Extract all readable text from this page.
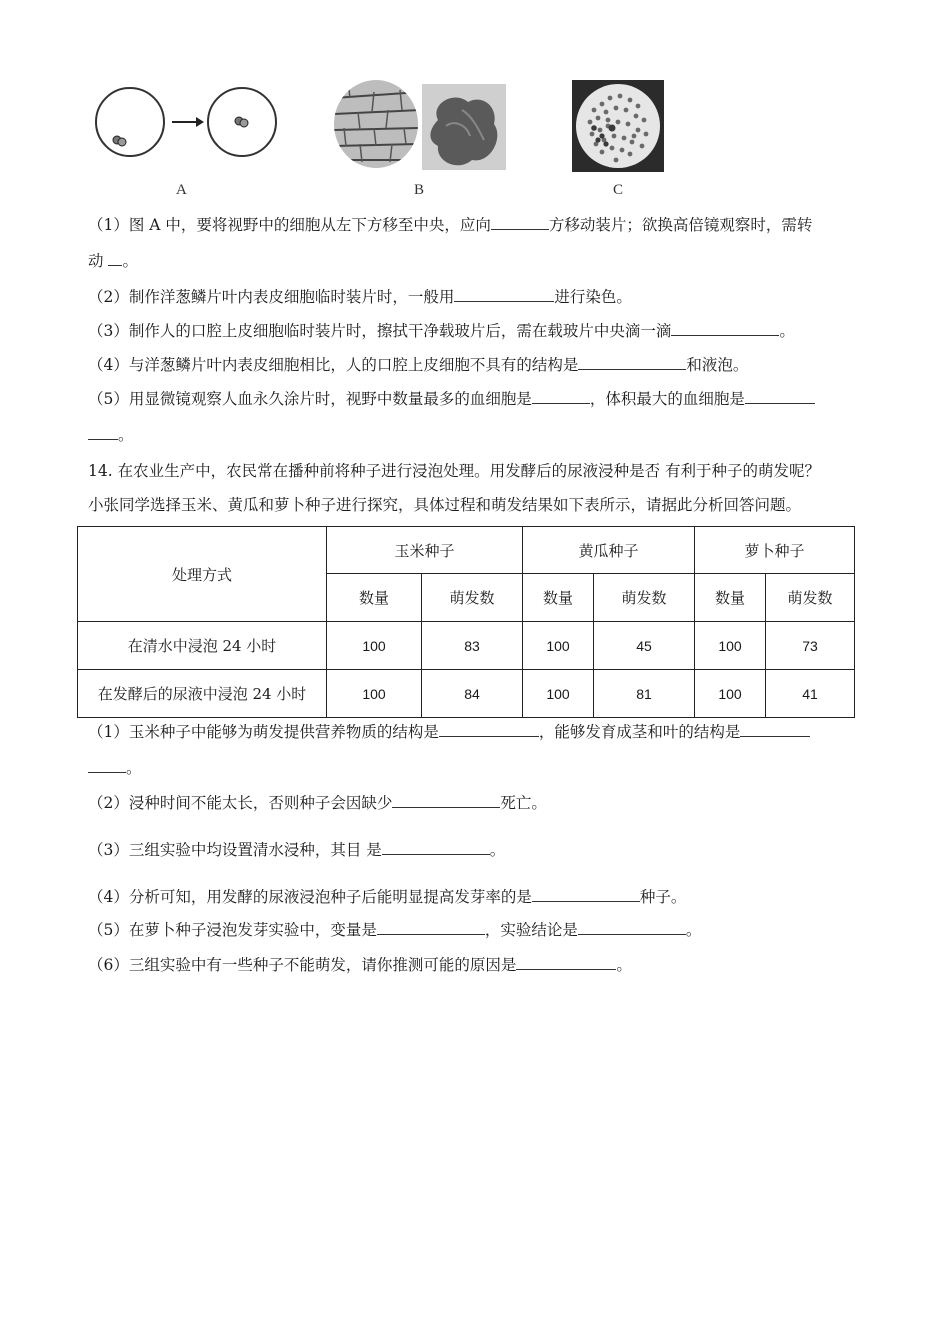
A	B	C
（1）图 A 中，要将视野中的细胞从左下方移至中央，应向	方移动装片；欲换高倍镜观察时，需转
动 。
（2）制作洋葱鳞片叶内表皮细胞临时装片时，一般用	进行染色。
（3）制作人的口腔上皮细胞临时装片时，擦拭干净载玻片后，需在载玻片中央滴一滴	。
（4）与洋葱鳞片叶内表皮细胞相比，人的口腔上皮细胞不具有的结构是	和液泡。
（5）用显微镜观察人血永久涂片时，视野中数量最多的血细胞是	，体积最大的血细胞是
。
14. 在农业生产中，农民常在播种前将种子进行浸泡处理。用发酵后的尿液浸种是否 有利于种子的萌发呢？
小张同学选择玉米、黄瓜和萝卜种子进行探究，具体过程和萌发结果如下表所示，请据此分析回答问题。
处理方式	玉米种子		黄瓜种子		萝卜种子	
	数量	萌发数	数量	萌发数	数量	萌发数
在清水中浸泡 24 小时	100	83	100	45	100	73
在发酵后的尿液中浸泡 24 小时	100	84	100	81	100	41
（1）玉米种子中能够为萌发提供营养物质的结构是	，能够发育成茎和叶的结构是
。
（2）浸种时间不能太长，否则种子会因缺少	死亡。
（3）三组实验中均设置清水浸种，其目 是	。
（4）分析可知，用发酵的尿液浸泡种子后能明显提高发芽率的是	种子。
（5）在萝卜种子浸泡发芽实验中，变量是	，实验结论是	。
（6）三组实验中有一些种子不能萌发，请你推测可能的原因是	。
